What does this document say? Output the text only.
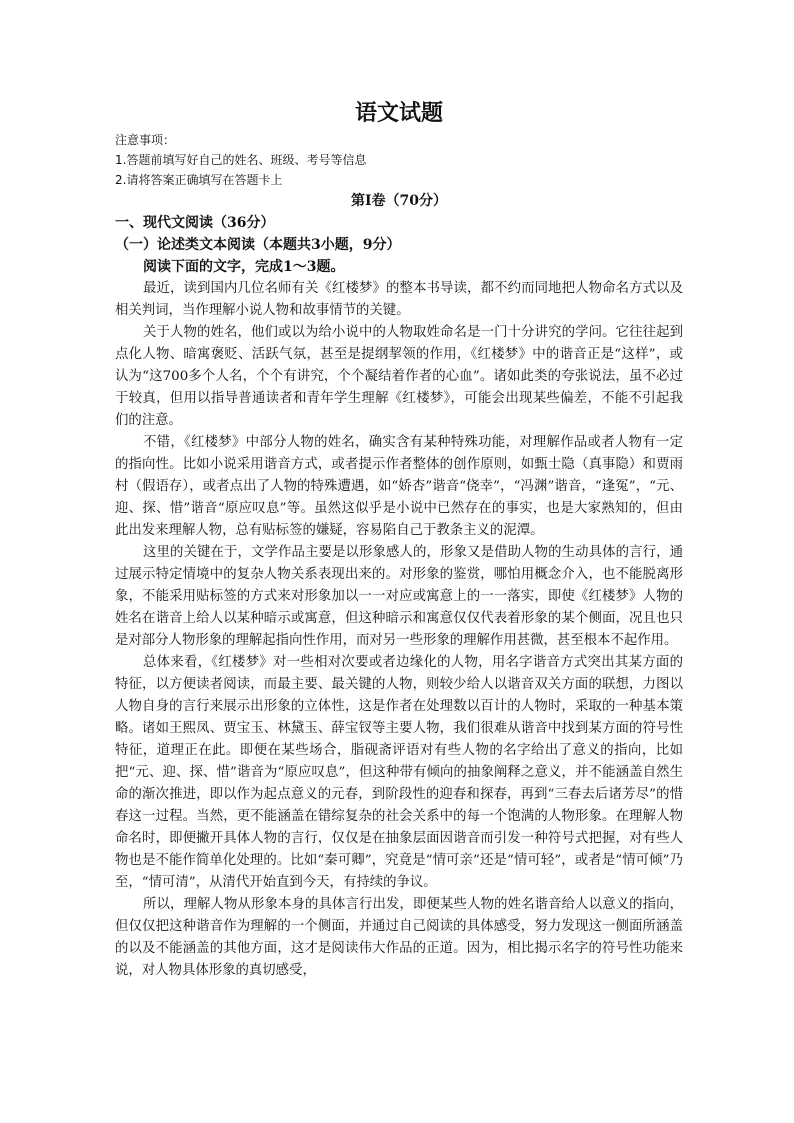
语文试题
注意事项：
1.答题前填写好自己的姓名、班级、考号等信息
2.请将答案正确填写在答题卡上
第Ⅰ卷（70分）
一、现代文阅读（36分）
（一）论述类文本阅读（本题共3小题，9分）
阅读下面的文字，完成1～3题。

最近，读到国内几位名师有关《红楼梦》的整本书导读，都不约而同地把人物命名方式以及相关判词，当作理解小说人物和故事情节的关键。

关于人物的姓名，他们或以为给小说中的人物取姓命名是一门十分讲究的学问。它往往起到点化人物、暗寓褒贬、活跃气氛，甚至是提纲挈领的作用，《红楼梦》中的谐音正是“这样”，或认为“这700多个人名，个个有讲究，个个凝结着作者的心血”。诸如此类的夸张说法，虽不必过于较真，但用以指导普通读者和青年学生理解《红楼梦》，可能会出现某些偏差，不能不引起我们的注意。

不错，《红楼梦》中部分人物的姓名，确实含有某种特殊功能，对理解作品或者人物有一定的指向性。比如小说采用谐音方式，或者提示作者整体的创作原则，如甄士隐（真事隐）和贾雨村（假语存），或者点出了人物的特殊遭遇，如“娇杏”谐音“侥幸”，“冯渊”谐音，“逢冤”，“元、迎、探、惜”谐音“原应叹息”等。虽然这似乎是小说中已然存在的事实，也是大家熟知的，但由此出发来理解人物，总有贴标签的嫌疑，容易陷自己于教条主义的泥潭。

这里的关键在于，文学作品主要是以形象感人的，形象又是借助人物的生动具体的言行，通过展示特定情境中的复杂人物关系表现出来的。对形象的鉴赏，哪怕用概念介入，也不能脱离形象，不能采用贴标签的方式来对形象加以一一对应或寓意上的一一落实，即使《红楼梦》人物的姓名在谐音上给人以某种暗示或寓意，但这种暗示和寓意仅仅代表着形象的某个侧面，况且也只是对部分人物形象的理解起指向性作用，而对另一些形象的理解作用甚微，甚至根本不起作用。

总体来看，《红楼梦》对一些相对次要或者边缘化的人物，用名字谐音方式突出其某方面的特征，以方便读者阅读，而最主要、最关键的人物，则较少给人以谐音双关方面的联想，力图以人物自身的言行来展示出形象的立体性，这是作者在处理数以百计的人物时，采取的一种基本策略。诸如王熙凤、贾宝玉、林黛玉、薛宝钗等主要人物，我们很难从谐音中找到某方面的符号性特征，道理正在此。即便在某些场合，脂砚斋评语对有些人物的名字给出了意义的指向，比如把“元、迎、探、惜”谐音为“原应叹息”，但这种带有倾向的抽象阐释之意义，并不能涵盖自然生命的渐次推进，即以作为起点意义的元春，到阶段性的迎春和探春，再到“三春去后诸芳尽”的惜春这一过程。当然，更不能涵盖在错综复杂的社会关系中的每一个饱满的人物形象。在理解人物命名时，即便撇开具体人物的言行，仅仅是在抽象层面因谐音而引发一种符号式把握，对有些人物也是不能作简单化处理的。比如“秦可卿”，究竟是“情可亲”还是“情可轻”，或者是“情可倾”乃至，“情可清”，从清代开始直到今天，有持续的争议。

所以，理解人物从形象本身的具体言行出发，即便某些人物的姓名谐音给人以意义的指向，但仅仅把这种谐音作为理解的一个侧面，并通过自己阅读的具体感受，努力发现这一侧面所涵盖的以及不能涵盖的其他方面，这才是阅读伟大作品的正道。因为，相比揭示名字的符号性功能来说，对人物具体形象的真切感受，
